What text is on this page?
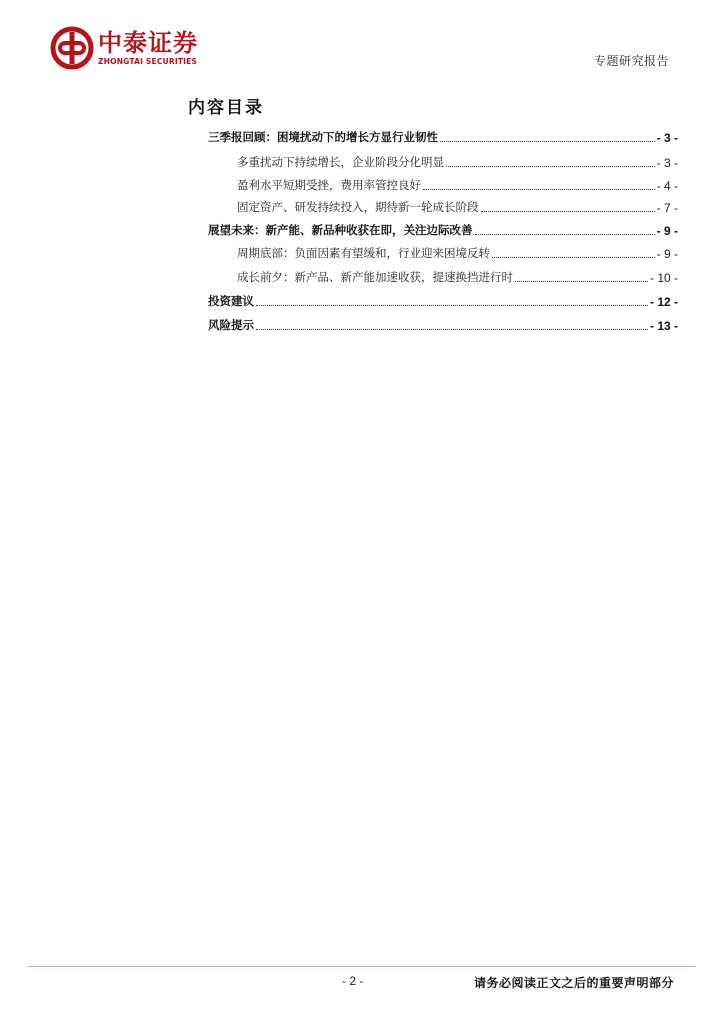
中泰证券
ZHONGTAI SECURITIES	专题研究报告
内容目录
三季报回顾：困境扰动下的增长方显行业韧性	- 3 -
多重扰动下持续增长，企业阶段分化明显	- 3 -
盈利水平短期受挫，费用率管控良好	- 4 -
固定资产、研发持续投入，期待新一轮成长阶段	- 7 -
展望未来：新产能、新品种收获在即，关注边际改善	- 9 -
周期底部：负面因素有望缓和，行业迎来困境反转	- 9 -
成长前夕：新产品、新产能加速收获，提速换挡进行时	- 10 -
投资建议	- 12 -
风险提示	- 13 -
- 2 -	请务必阅读正文之后的重要声明部分
